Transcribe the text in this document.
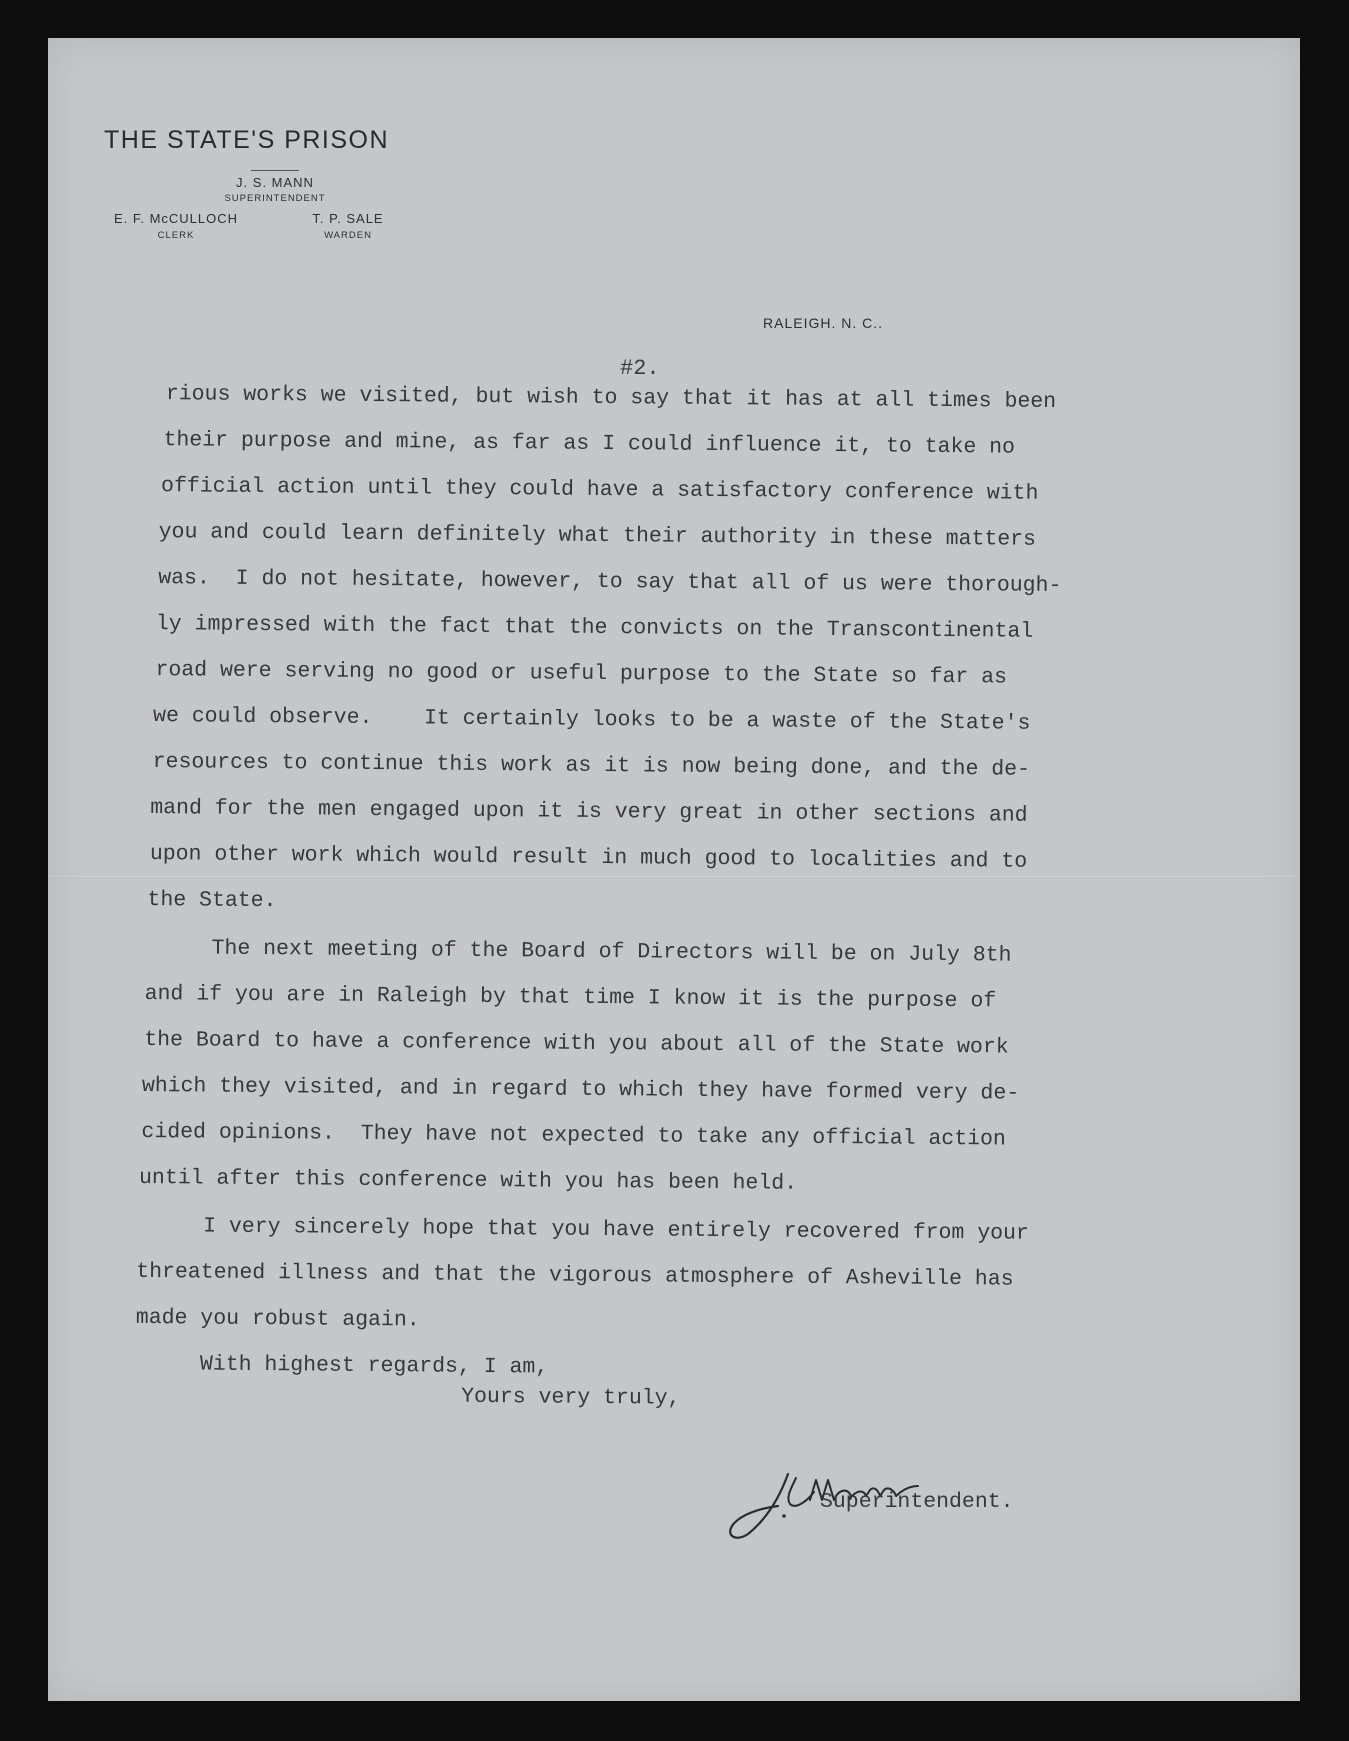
THE STATE'S PRISON
J. S. MANN
SUPERINTENDENT
E. F. McCULLOCH
CLERK
T. P. SALE
WARDEN
RALEIGH. N. C..
#2.

rious works we visited, but wish to say that it has at all times been

their purpose and mine, as far as I could influence it, to take no

official action until they could have a satisfactory conference with

you and could learn definitely what their authority in these matters

was.  I do not hesitate, however, to say that all of us were thorough-

ly impressed with the fact that the convicts on the Transcontinental

road were serving no good or useful purpose to the State so far as

we could observe.    It certainly looks to be a waste of the State's

resources to continue this work as it is now being done, and the de-

mand for the men engaged upon it is very great in other sections and

upon other work which would result in much good to localities and to

the State.

The next meeting of the Board of Directors will be on July 8th

and if you are in Raleigh by that time I know it is the purpose of

the Board to have a conference with you about all of the State work

which they visited, and in regard to which they have formed very de-

cided opinions.  They have not expected to take any official action

until after this conference with you has been held.

I very sincerely hope that you have entirely recovered from your

threatened illness and that the vigorous atmosphere of Asheville has

made you robust again.

With highest regards, I am,

Yours very truly,

Superintendent.
